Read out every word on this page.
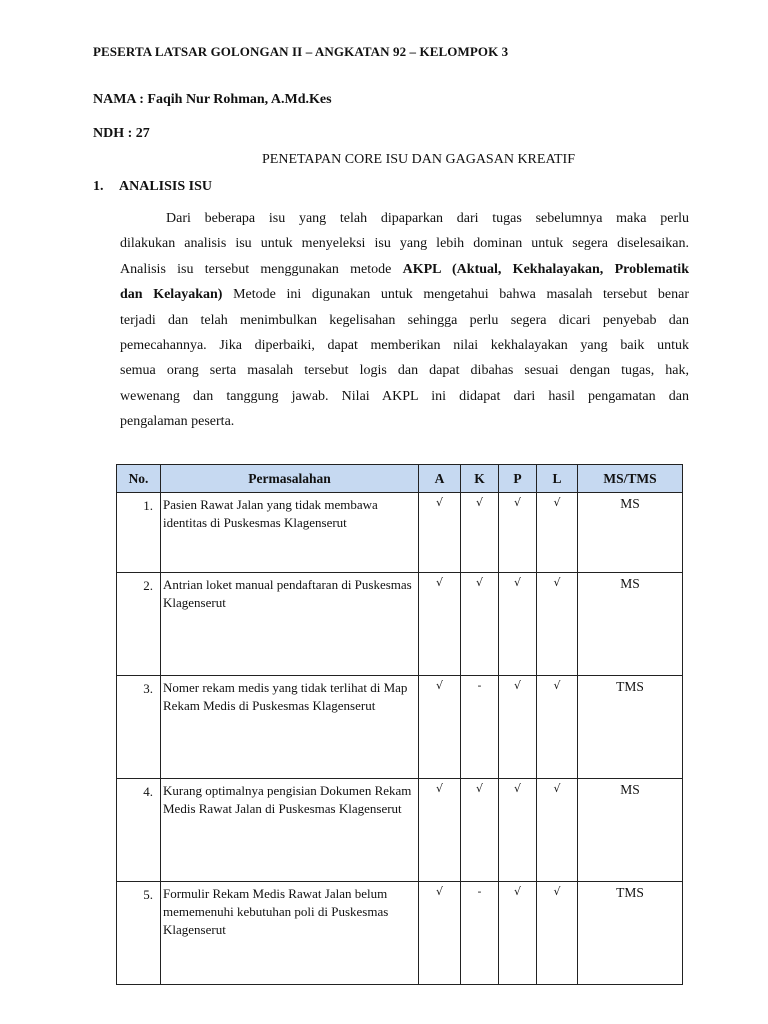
PESERTA LATSAR GOLONGAN II – ANGKATAN 92 – KELOMPOK 3
NAMA : Faqih Nur Rohman, A.Md.Kes
NDH : 27
PENETAPAN CORE ISU DAN GAGASAN KREATIF
1. ANALISIS ISU
Dari beberapa isu yang telah dipaparkan dari tugas sebelumnya maka perlu
dilakukan analisis isu untuk menyeleksi isu yang lebih dominan untuk segera diselesaikan.
Analisis isu tersebut menggunakan metode AKPL (Aktual, Kekhalayakan, Problematik
dan Kelayakan) Metode ini digunakan untuk mengetahui bahwa masalah tersebut benar
terjadi dan telah menimbulkan kegelisahan sehingga perlu segera dicari penyebab dan
pemecahannya. Jika diperbaiki, dapat memberikan nilai kekhalayakan yang baik untuk
semua orang serta masalah tersebut logis dan dapat dibahas sesuai dengan tugas, hak,
wewenang dan tanggung jawab. Nilai AKPL ini didapat dari hasil pengamatan dan
pengalaman peserta.
No.	Permasalahan	A	K	P	L	MS/TMS
1.	Pasien Rawat Jalan yang tidak membawa identitas di Puskesmas Klagenserut	√	√	√	√	MS
2.	Antrian loket manual pendaftaran di Puskesmas Klagenserut	√	√	√	√	MS
3.	Nomer rekam medis yang tidak terlihat di Map Rekam Medis di Puskesmas Klagenserut	√	-	√	√	TMS
4.	Kurang optimalnya pengisian Dokumen Rekam Medis Rawat Jalan di Puskesmas Klagenserut	√	√	√	√	MS
5.	Formulir Rekam Medis Rawat Jalan belum mememenuhi kebutuhan poli di Puskesmas Klagenserut	√	-	√	√	TMS
